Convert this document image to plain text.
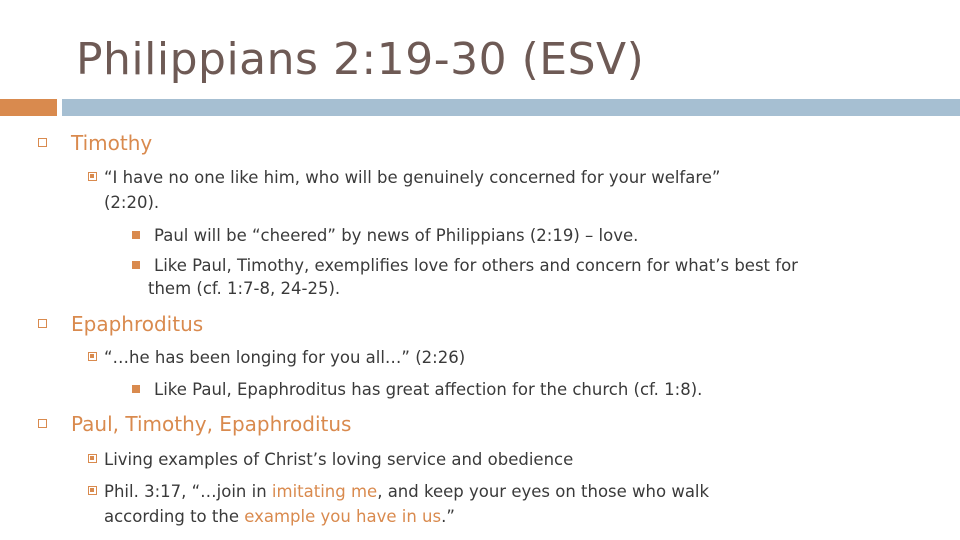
Philippians 2:19-30 (ESV)
Timothy
“I have no one like him, who will be genuinely concerned for your welfare”
(2:20).
Paul will be “cheered” by news of Philippians (2:19) – love.
Like Paul, Timothy, exemplifies love for others and concern for what’s best for
them (cf. 1:7-8, 24-25).
Epaphroditus
“…he has been longing for you all…” (2:26)
Like Paul, Epaphroditus has great affection for the church (cf. 1:8).
Paul, Timothy, Epaphroditus
Living examples of Christ’s loving service and obedience
Phil. 3:17, “…join in imitating me, and keep your eyes on those who walk
according to the example you have in us.”
